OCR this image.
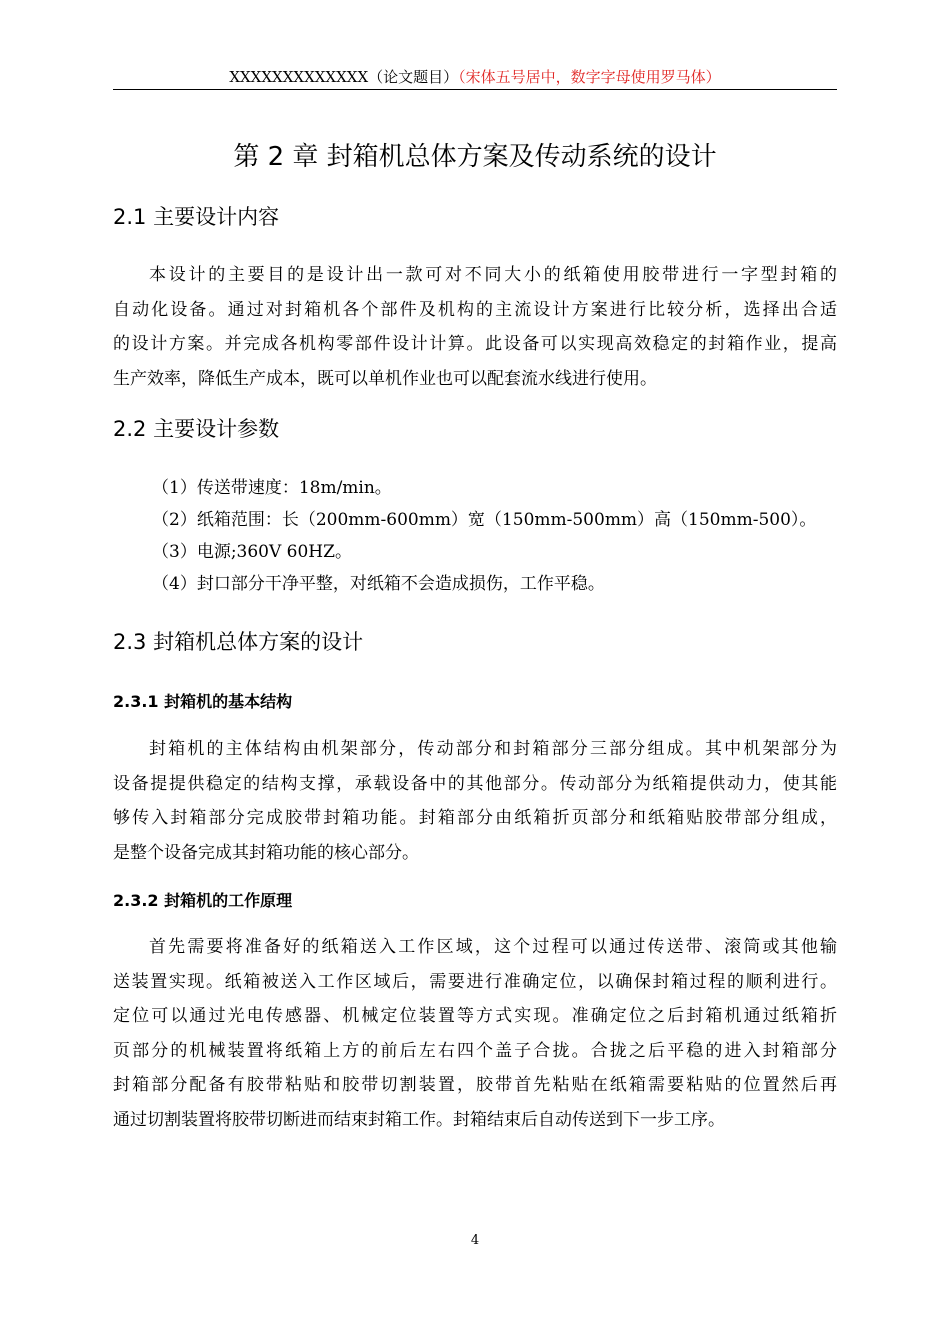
XXXXXXXXXXXXX（论文题目）（宋体五号居中，数字字母使用罗马体）
第 2 章 封箱机总体方案及传动系统的设计
2.1 主要设计内容
本设计的主要目的是设计出一款可对不同大小的纸箱使用胶带进行一字型封箱的
自动化设备。通过对封箱机各个部件及机构的主流设计方案进行比较分析，选择出合适
的设计方案。并完成各机构零部件设计计算。此设备可以实现高效稳定的封箱作业，提高
生产效率，降低生产成本，既可以单机作业也可以配套流水线进行使用。
2.2 主要设计参数
（1）传送带速度：18m/min。
（2）纸箱范围：长（200mm-600mm）宽（150mm-500mm）高（150mm-500）。
（3）电源;360V 60HZ。
（4）封口部分干净平整，对纸箱不会造成损伤，工作平稳。
2.3 封箱机总体方案的设计
2.3.1 封箱机的基本结构
封箱机的主体结构由机架部分，传动部分和封箱部分三部分组成。其中机架部分为
设备提提供稳定的结构支撑，承载设备中的其他部分。传动部分为纸箱提供动力，使其能
够传入封箱部分完成胶带封箱功能。封箱部分由纸箱折页部分和纸箱贴胶带部分组成，
是整个设备完成其封箱功能的核心部分。
2.3.2 封箱机的工作原理
首先需要将准备好的纸箱送入工作区域，这个过程可以通过传送带、滚筒或其他输
送装置实现。纸箱被送入工作区域后，需要进行准确定位，以确保封箱过程的顺利进行。
定位可以通过光电传感器、机械定位装置等方式实现。准确定位之后封箱机通过纸箱折
页部分的机械装置将纸箱上方的前后左右四个盖子合拢。合拢之后平稳的进入封箱部分
封箱部分配备有胶带粘贴和胶带切割装置，胶带首先粘贴在纸箱需要粘贴的位置然后再
通过切割装置将胶带切断进而结束封箱工作。封箱结束后自动传送到下一步工序。
4
